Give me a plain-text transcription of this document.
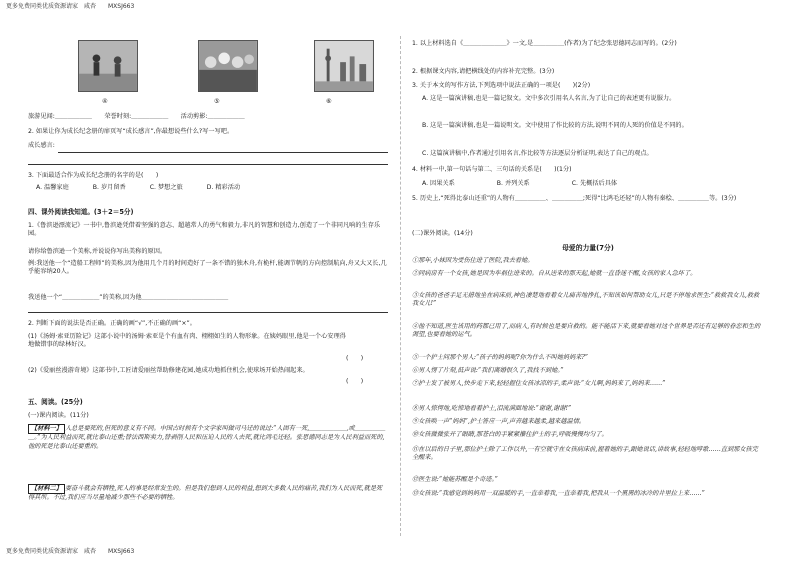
更多免费同类优质资源请家　咸杏　　MXSJ663
④	⑤	⑥
旅游见闻:＿＿＿＿＿＿　　荣誉时刻:＿＿＿＿＿＿　　活动剪影:＿＿＿＿＿＿
2. 如果让你为成长纪念册的扉页写“成长感言”,你最想说些什么?写一写吧。
成长感言:
3. 下面最适合作为成长纪念册的名字的是(　　)
A. 温馨家庭	B. 岁月留香	C. 梦想之旅	D. 精彩活动
四、课外阅读我知道。(3＋2＝5分)
1.《鲁滨逊漂流记》一书中,鲁滨逊凭借着坚强的意志、超越常人的勇气和毅力,非凡的智慧和创造力,创造了一个非同凡响的生存乐园。
请你给鲁滨逊一个美称,并说说你写出美称的原因。
例:我送他一个“造船工程师”的美称,因为他用几个月的时间造好了一条不错的独木舟,有桅杆,能调节帆的方向控制航向,舟又大又长,几乎能容纳20人。
我送他一个“＿＿＿＿＿＿”的美称,因为他＿＿＿＿＿＿＿＿＿＿＿＿＿＿
2. 判断下面的说法是否正确。正确的画“√”,不正确的画“×”。
(1)《汤姆·索亚历险记》这部小说中的汤姆·索亚是个有血有肉、栩栩如生的人物形象。在姨妈眼里,他是一个心安理得地做错事的绿林好汉。
(　　)
(2)《爱丽丝漫游奇境》这部书中,工匠请爱丽丝帮助修建花园,她成功地抓住机会,使球场开始热闹起来。
(　　)
五、阅读。(25分)
(一)课内阅读。(11分)
【材料一】 人总是要死的,但死的意义有不同。中国古时候有个文学家叫做司马迁的说过:“人固有一死,＿＿＿＿＿＿,或＿＿＿＿＿＿。”为人民利益而死,就比泰山还重;替法西斯卖力,替剥削人民和压迫人民的人去死,就比鸿毛还轻。张思德同志是为人民利益而死的,他的死是比泰山还要重的。
【材料二】 要奋斗就会有牺牲,死人的事是经常发生的。但是我们想到人民的利益,想到大多数人民的痛苦,我们为人民而死,就是死得其所。不过,我们应当尽量地减少那些不必要的牺牲。
1. 以上材料选自《＿＿＿＿＿＿＿》一文,是＿＿＿＿＿(作者)为了纪念张思德同志而写的。(2分)
2. 根据课文内容,请把横线处的内容补充完整。(3分)
3. 关于本文的写作方法,下列选项中说法正确的一项是(　　)(2分)
A. 这是一篇演讲稿,也是一篇记叙文。文中多次引用名人名言,为了让自己的表述更有说服力。
B. 这是一篇演讲稿,也是一篇说明文。文中使用了作比较的方法,说明不同的人死的价值是不同的。
C. 这篇演讲稿中,作者通过引用名言,作比较等方法逐层分析证明,表达了自己的观点。
4. 材料一中,第一句话与第二、三句话的关系是(　　)(1分)
A. 因果关系	B. 并列关系	C. 先概括后具体
5. 历史上,“死得比泰山还重”的人物有＿＿＿＿＿、＿＿＿＿＿;死得“比鸿毛还轻”的人物有秦桧、＿＿＿＿＿等。(3分)
(二)课外阅读。(14分)
母爱的力量(7分)
①那年,小妹因为受伤住进了医院,我去看她。
②同病房有一个女孩,她是因为车祸住进来的。自从送来的那天起,她就一直昏迷不醒,女孩的家人急坏了。
③女孩的爸爸手足无措地坐在病床前,神色凄楚地看着女儿痛苦地挣扎,不知该如何帮助女儿,只是不停地求医生:“救救我女儿,救救我女儿!”
④他不知道,医生该用的药都已用了,而病人,有时候也是要自救的。能不能活下来,就要看她对这个世界是否还有足够的眷恋和生的渴望,也要看她的运气。
⑤一个护士问那个男人:“孩子的妈妈呢?你为什么不叫她妈妈来?”
⑥男人愣了片刻,低声说:“我们离婚很久了,我找不到她。”
⑦护士发了被男人,快步走下来,轻轻握住女孩冰凉的手,柔声说:“女儿啊,妈妈来了,妈妈来……”
⑧男人惊愕地,吃惊地看着护士,泪流满面地说:“谢谢,谢谢!”
⑨女孩唤一声“妈妈”,护士答应一声,声音越来越柔,越来越温情。
⑩女孩微微张开了眼睛,那苍白的手紧紧攥住护士的手,呼吸慢慢均匀了。
⑪在以后的日子里,那位护士除了工作以外,一有空就守在女孩病床前,握着她的手,跟她说话,讲故事,轻轻地哼歌……直到那女孩完全醒来。
⑫医生说:“她能苏醒是个奇迹。”
⑬女孩说:“我感觉到妈妈用一双温暖的手,一直牵着我,一直牵着我,把我从一个黑黑的冰冷的井里拉上来……”
更多免费同类优质资源请家　咸杏　　MXSJ663
